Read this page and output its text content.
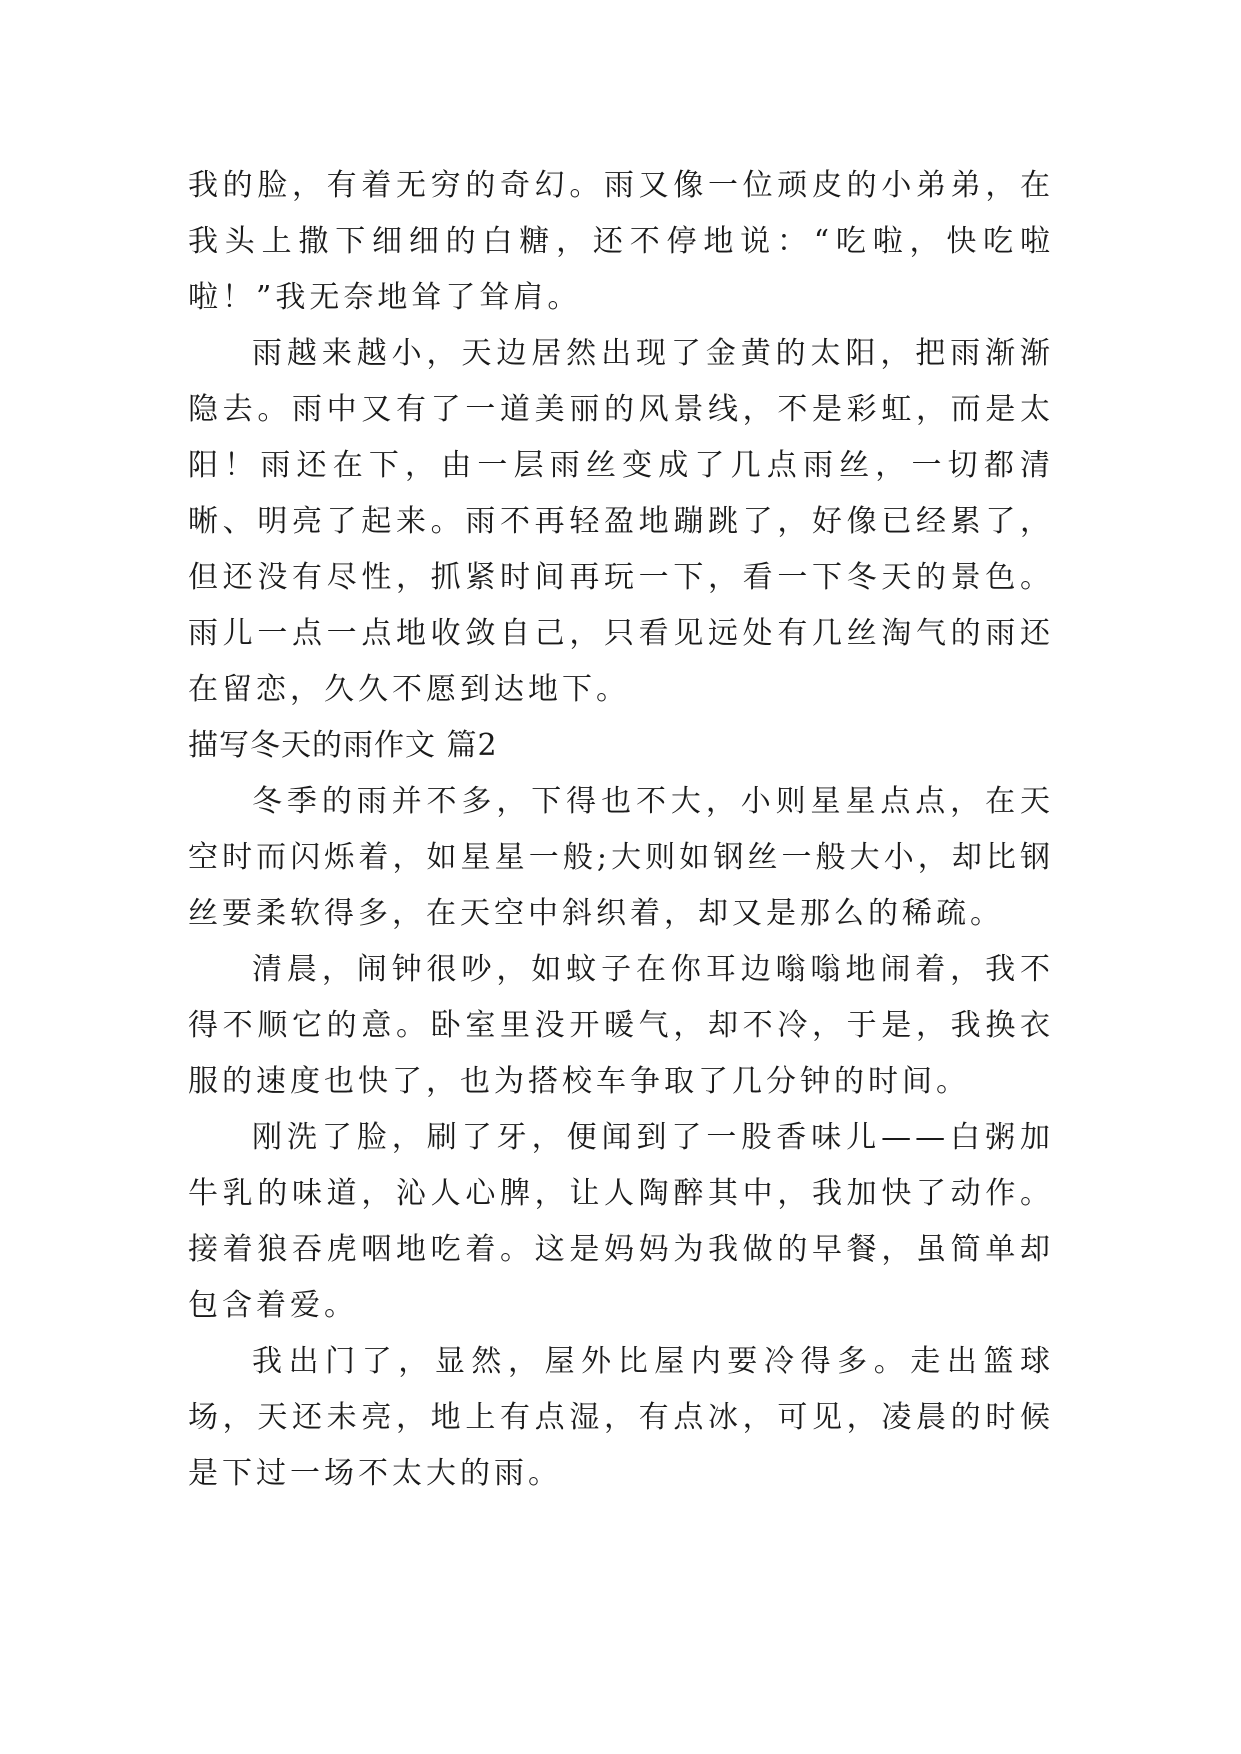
我的脸，有着无穷的奇幻。雨又像一位顽皮的小弟弟，在我头上撒下细细的白糖，还不停地说：“吃啦，快吃啦啦！”我无奈地耸了耸肩。

雨越来越小，天边居然出现了金黄的太阳，把雨渐渐隐去。雨中又有了一道美丽的风景线，不是彩虹，而是太阳！雨还在下，由一层雨丝变成了几点雨丝，一切都清晰、明亮了起来。雨不再轻盈地蹦跳了，好像已经累了，但还没有尽性，抓紧时间再玩一下，看一下冬天的景色。雨儿一点一点地收敛自己，只看见远处有几丝淘气的雨还在留恋，久久不愿到达地下。

描写冬天的雨作文 篇2

冬季的雨并不多，下得也不大，小则星星点点，在天空时而闪烁着，如星星一般;大则如钢丝一般大小，却比钢丝要柔软得多，在天空中斜织着，却又是那么的稀疏。

清晨，闹钟很吵，如蚊子在你耳边嗡嗡地闹着，我不得不顺它的意。卧室里没开暖气，却不冷，于是，我换衣服的速度也快了，也为搭校车争取了几分钟的时间。

刚洗了脸，刷了牙，便闻到了一股香味儿——白粥加牛乳的味道，沁人心脾，让人陶醉其中，我加快了动作。接着狼吞虎咽地吃着。这是妈妈为我做的早餐，虽简单却包含着爱。

我出门了，显然，屋外比屋内要冷得多。走出篮球场，天还未亮，地上有点湿，有点冰，可见，凌晨的时候是下过一场不太大的雨。
